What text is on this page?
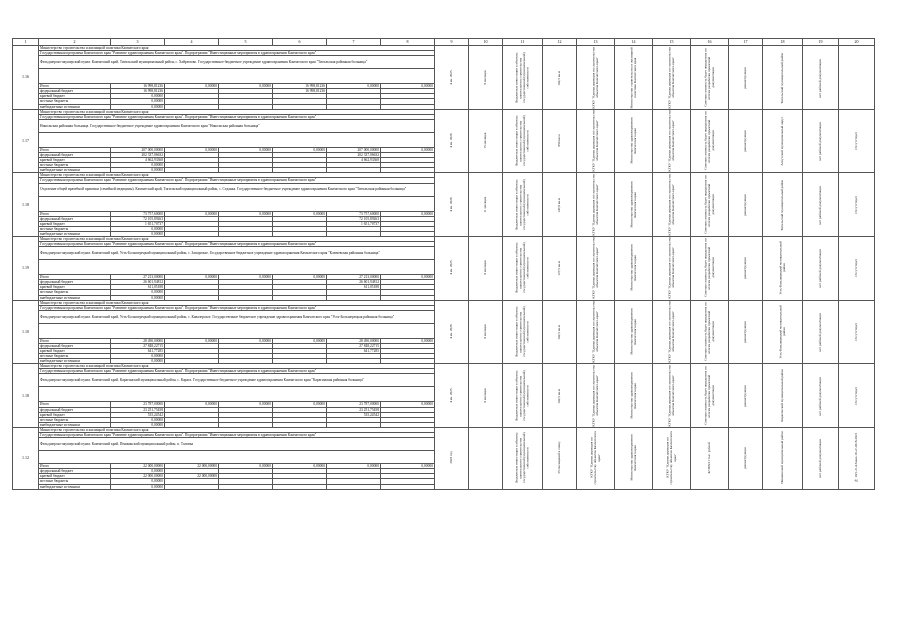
1	2	3	4	5	6	7	8	9	10	11	12	13	14	15	16	17	18	19	20
1.16	Министерство строительства и жилищной политики Камчатского края							4 кв. 2025	8 месяцев	Бюджетные инвестиции в объекты капитального строительства государственной (муниципальной) собственности	102,5 кв.м	КГКУ "Единая дирекция по строительству объектов Камчатского края"	Министерство строительства и жилищной политики Камчатского края	КГКУ "Единая дирекция по строительству объектов Камчатского края"	Сметная стоимость будет определена по итогам разработки проектной документации	реконструкция	Тигильский муниципальный район	нет рабочей документации	
	Государственная программа Камчатского края "Развитие здравоохранения Камчатского края". Подпрограмма "Инвестиционные мероприятия в здравоохранении Камчатского края"																		
	Фельдшерско-акушерский пункт. Камчатский край, Тигильский муниципальный район, с. Хайрюзово. Государственное бюджетное учреждение здравоохранения Камчатского края "Тигильская районная больница"																		

	Итого	16 998,81236	0,00000	0,00000	16 998,81236	0,00000	0,00000												
	федеральный бюджет	16 998,81236			16 998,81236														
	краевой бюджет	0,00000																	
	местные бюджеты	0,00000																	
	внебюджетные источники	0,00000																	
1.17	Министерство строительства и жилищной политики Камчатского края							4 кв. 2026	15 месяцев	Бюджетные инвестиции в объекты капитального строительства государственной (муниципальной) собственности	950 кв.м	КГКУ "Единая дирекция по строительству объектов Камчатского края"	Министерство здравоохранения Камчатского края	КГКУ "Единая дирекция по строительству объектов Камчатского края"	Сметная стоимость будет определена по итогам разработки проектной документации	реконструкция	Алеутский муниципальный округ	нет рабочей документации	Отсутствует
	Государственная программа Камчатского края "Развитие здравоохранения Камчатского края". Подпрограмма "Инвестиционные мероприятия в здравоохранении Камчатского края"																		
	Никольская районная больница. Государственное бюджетное учреждение здравоохранения Камчатского края "Никольская районная больница"																		

	Итого	207 000,00000	0,00000	0,00000	0,00000	207 000,00000	0,00000												
	федеральный бюджет	202 337,06632				202 337,06632													
	краевой бюджет	4 662,93368				4 662,93368													
	местные бюджеты	0,00000																	
	внебюджетные источники	0,00000																	
1.18	Министерство строительства и жилищной политики Камчатского края							4 кв. 2026	11 месяцев	Бюджетные инвестиции в объекты капитального строительства государственной (муниципальной) собственности	147,8 кв.м	КГКУ "Единая дирекция по строительству объектов Камчатского края"	Министерство здравоохранения Камчатского края	КГКУ "Единая дирекция по строительству объектов Камчатского края"	Сметная стоимость будет определена по итогам разработки проектной документации	реконструкция	Тигильский муниципальный район	нет рабочей документации	Отсутствует
	Государственная программа Камчатского края "Развитие здравоохранения Камчатского края". Подпрограмма "Инвестиционные мероприятия в здравоохранении Камчатского края"																		
	Отделение общей врачебной практики (семейной медицины). Камчатский край, Тигильский муниципальный район, с. Седанка. Государственное бюджетное учреждение здравоохранения Камчатского края "Тигильская районная больница"																		

	Итого	73 757,60000	0,00000	0,00000	0,00000	73 757,60000	0,00000												
	федеральный бюджет	72 105,89263				72 105,89263													
	краевой бюджет	1 651,70737				1 651,70737													
	местные бюджеты	0,00000																	
	внебюджетные источники	0,00000																	
1.19	Министерство строительства и жилищной политики Камчатского края							4 кв. 2025	8 месяцев	Бюджетные инвестиции в объекты капитального строительства государственной (муниципальной) собственности	127,5 кв.м	КГКУ "Единая дирекция по строительству объектов Камчатского края"	Министерство здравоохранения Камчатского края	КГКУ "Единая дирекция по строительству объектов Камчатского края"	Сметная стоимость будет определена по итогам разработки проектной документации	реконструкция	Усть-Большерецкий муниципальный район	нет рабочей документации	Отсутствует
	Государственная программа Камчатского края "Развитие здравоохранения Камчатского края". Подпрограмма "Инвестиционные мероприятия в здравоохранении Камчатского края"																		
	Фельдшерско-акушерский пункт. Камчатский край, Усть-Большерецкий муниципальный район, с. Запорожье. Государственное бюджетное учреждение здравоохранения Камчатского края "Ключевская районная больница"																		

	Итого	27 213,00000	0,00000	0,00000	0,00000	27 213,00000	0,00000												
	федеральный бюджет	26 601,94812				26 601,94812													
	краевой бюджет	611,05188				611,05188													
	местные бюджеты	0,00000																	
	внебюджетные источники	0,00000																	
1.10	Министерство строительства и жилищной политики Камчатского края							4 кв. 2026	8 месяцев	Бюджетные инвестиции в объекты капитального строительства государственной (муниципальной) собственности	102,5 кв.м	КГКУ "Единая дирекция по строительству объектов Камчатского края"	Министерство здравоохранения Камчатского края	КГКУ "Единая дирекция по строительству объектов Камчатского края"	Сметная стоимость будет определена по итогам разработки проектной документации	реконструкция	Усть-Большерецкий муниципальный район	нет рабочей документации	Отсутствует
	Государственная программа Камчатского края "Развитие здравоохранения Камчатского края". Подпрограмма "Инвестиционные мероприятия в здравоохранении Камчатского края"																		
	Фельдшерско-акушерский пункт. Камчатский край, Усть-Большерецкий муниципальный район, с. Кавалерское. Государственное бюджетное учреждение здравоохранения Камчатского края "Усть-Большерецкая районная больница"																		

	Итого	28 490,00000	0,00000	0,00000	0,00000	28 490,00000	0,00000												
	федеральный бюджет	27 848,22715				27 848,22715													
	краевой бюджет	641,77285				641,77285													
	местные бюджеты	0,00000																	
	внебюджетные источники	0,00000																	
1.18	Министерство строительства и жилищной политики Камчатского края							4 кв. 2025	8 месяцев	Бюджетные инвестиции в объекты капитального строительства государственной (муниципальной) собственности	102,5 кв.м	КГКУ "Единая дирекция по строительству объектов Камчатского края"	Министерство здравоохранения Камчатского края	КГКУ "Единая дирекция по строительству объектов Камчатского края"	Сметная стоимость будет определена по итогам разработки проектной документации	реконструкция	Карагинский муниципальный район	нет рабочей документации	Отсутствует
	Государственная программа Камчатского края "Развитие здравоохранения Камчатского края". Подпрограмма "Инвестиционные мероприятия в здравоохранении Камчатского края"																		
	Фельдшерско-акушерский пункт. Камчатский край, Карагинский муниципальный район, с. Карага. Государственное бюджетное учреждение здравоохранения Камчатского края "Карагинская районная больница"																		

	Итого	23 787,00000	0,00000	0,00000	0,00000	23 787,00000	0,00000												
	федеральный бюджет	23 251,75458				23 251,75458													
	краевой бюджет	535,24542				535,24542													
	местные бюджеты	0,00000																	
	внебюджетные источники	0,00000																	
1.12	Министерство строительства и жилищной политики Камчатского края							2023 год		Бюджетные инвестиции в объекты капитального строительства государственной (муниципальной) собственности	25 посещений в смену	КГКУ "Единая дирекция по строительству объектов Камчатского края"	Министерство здравоохранения Камчатского края	КГКУ "Единая дирекция по строительству объектов Камчатского края"	42 668,51 тыс. рублей	реконструкция	Пенжинский муниципальный район	нет рабочей документации	№ 10/1-2/-4 Заказ-16-2/-2018-2021
	Государственная программа Камчатского края "Развитие здравоохранения Камчатского края". Подпрограмма "Инвестиционные мероприятия в здравоохранении Камчатского края"																		
	Фельдшерско-акушерский пункт. Камчатский край, Пенжинский муниципальный район, п. Таловка																		

	Итого	22 000,00000	22 000,00000	0,00000	0,00000	0,00000	0,00000												
	федеральный бюджет	0,00000																	
	краевой бюджет	22 000,00000	22 000,00000																
	местные бюджеты	0,00000																	
	внебюджетные источники	0,00000																	
